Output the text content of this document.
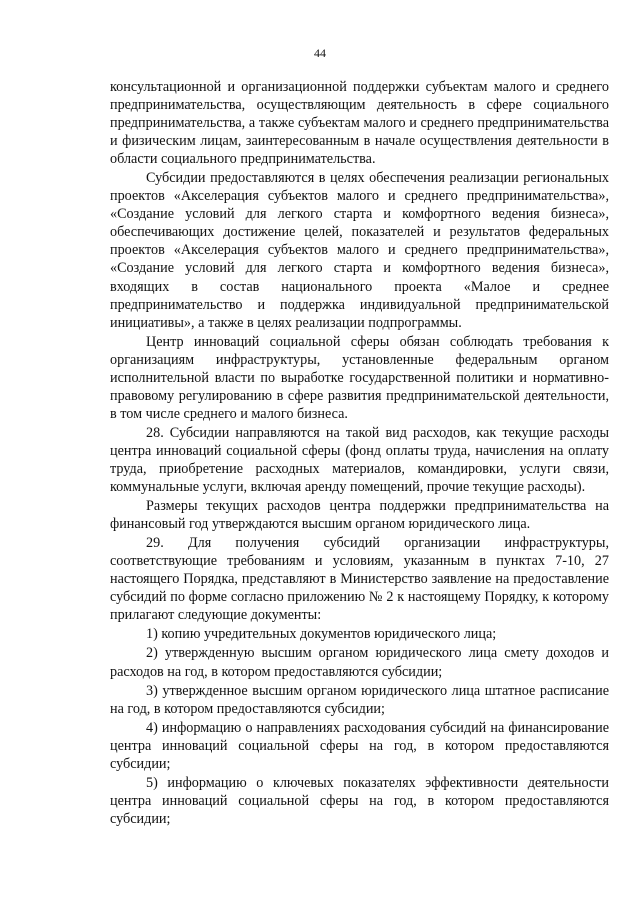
44

консультационной и организационной поддержки субъектам малого и среднего предпринимательства, осуществляющим деятельность в сфере социального предпринимательства, а также субъектам малого и среднего предпринимательства и физическим лицам, заинтересованным в начале осуществления деятельности в области социального предпринимательства.

Субсидии предоставляются в целях обеспечения реализации региональных проектов «Акселерация субъектов малого и среднего предпринимательства», «Создание условий для легкого старта и комфортного ведения бизнеса», обеспечивающих достижение целей, показателей и результатов федеральных проектов «Акселерация субъектов малого и среднего предпринимательства», «Создание условий для легкого старта и комфортного ведения бизнеса», входящих в состав национального проекта «Малое и среднее предпринимательство и поддержка индивидуальной предпринимательской инициативы», а также в целях реализации подпрограммы.

Центр инноваций социальной сферы обязан соблюдать требования к организациям инфраструктуры, установленные федеральным органом исполнительной власти по выработке государственной политики и нормативно-правовому регулированию в сфере развития предпринимательской деятельности, в том числе среднего и малого бизнеса.

28. Субсидии направляются на такой вид расходов, как текущие расходы центра инноваций социальной сферы (фонд оплаты труда, начисления на оплату труда, приобретение расходных материалов, командировки, услуги связи, коммунальные услуги, включая аренду помещений, прочие текущие расходы).

Размеры текущих расходов центра поддержки предпринимательства на финансовый год утверждаются высшим органом юридического лица.

29. Для получения субсидий организации инфраструктуры, соответствующие требованиям и условиям, указанным в пунктах 7-10, 27 настоящего Порядка, представляют в Министерство заявление на предоставление субсидий по форме согласно приложению № 2 к настоящему Порядку, к которому прилагают следующие документы:

1) копию учредительных документов юридического лица;

2) утвержденную высшим органом юридического лица смету доходов и расходов на год, в котором предоставляются субсидии;

3) утвержденное высшим органом юридического лица штатное расписание на год, в котором предоставляются субсидии;

4) информацию о направлениях расходования субсидий на финансирование центра инноваций социальной сферы на год, в котором предоставляются субсидии;

5) информацию о ключевых показателях эффективности деятельности центра инноваций социальной сферы на год, в котором предоставляются субсидии;
